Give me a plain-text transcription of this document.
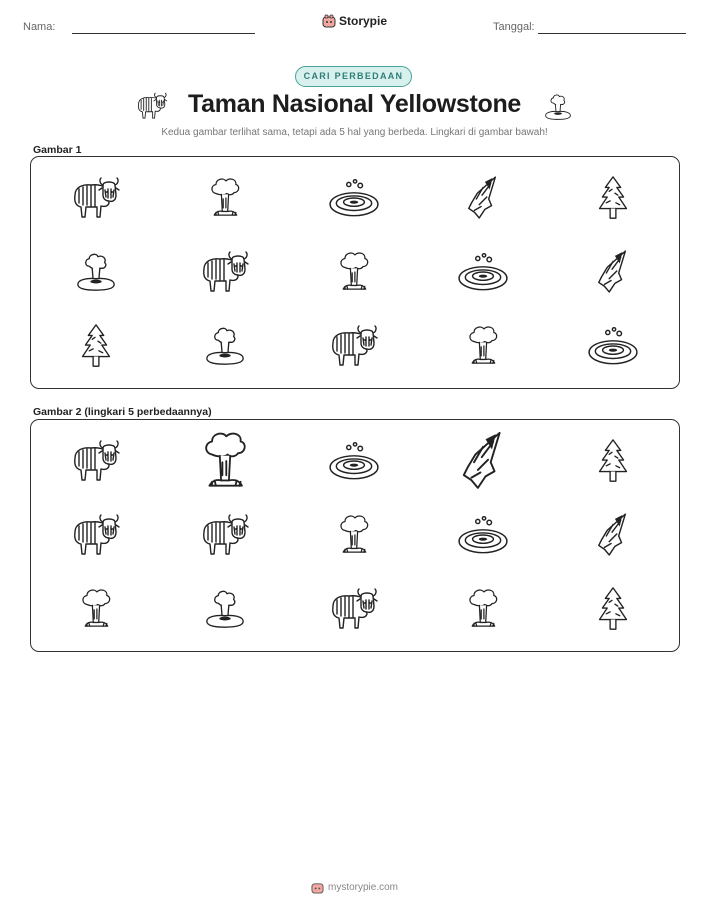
Nama:	Storypie	Tanggal:
CARI PERBEDAAN
Taman Nasional Yellowstone
Kedua gambar terlihat sama, tetapi ada 5 hal yang berbeda. Lingkari di gambar bawah!
Gambar 1
Gambar 2 (lingkari 5 perbedaannya)
mystorypie.com
